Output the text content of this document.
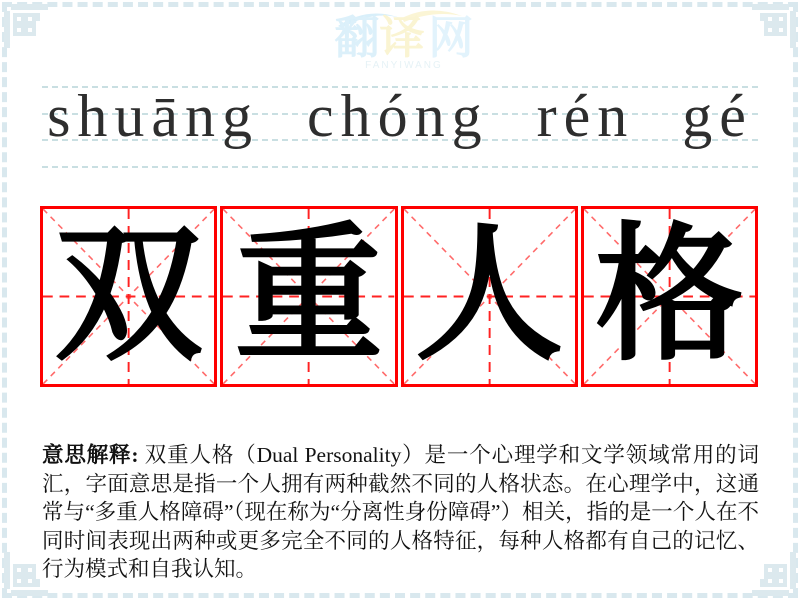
翻 译 网
FANYIWANG
shuāng chóng rén gé
双 重 人 格

意思解释: 双重人格（Dual Personality）是一个心理学和文学领域常用的词汇，字面意思是指一个人拥有两种截然不同的人格状态。在心理学中，这通常与“多重人格障碍”（现在称为“分离性身份障碍”）相关，指的是一个人在不同时间表现出两种或更多完全不同的人格特征，每种人格都有自己的记忆、行为模式和自我认知。
